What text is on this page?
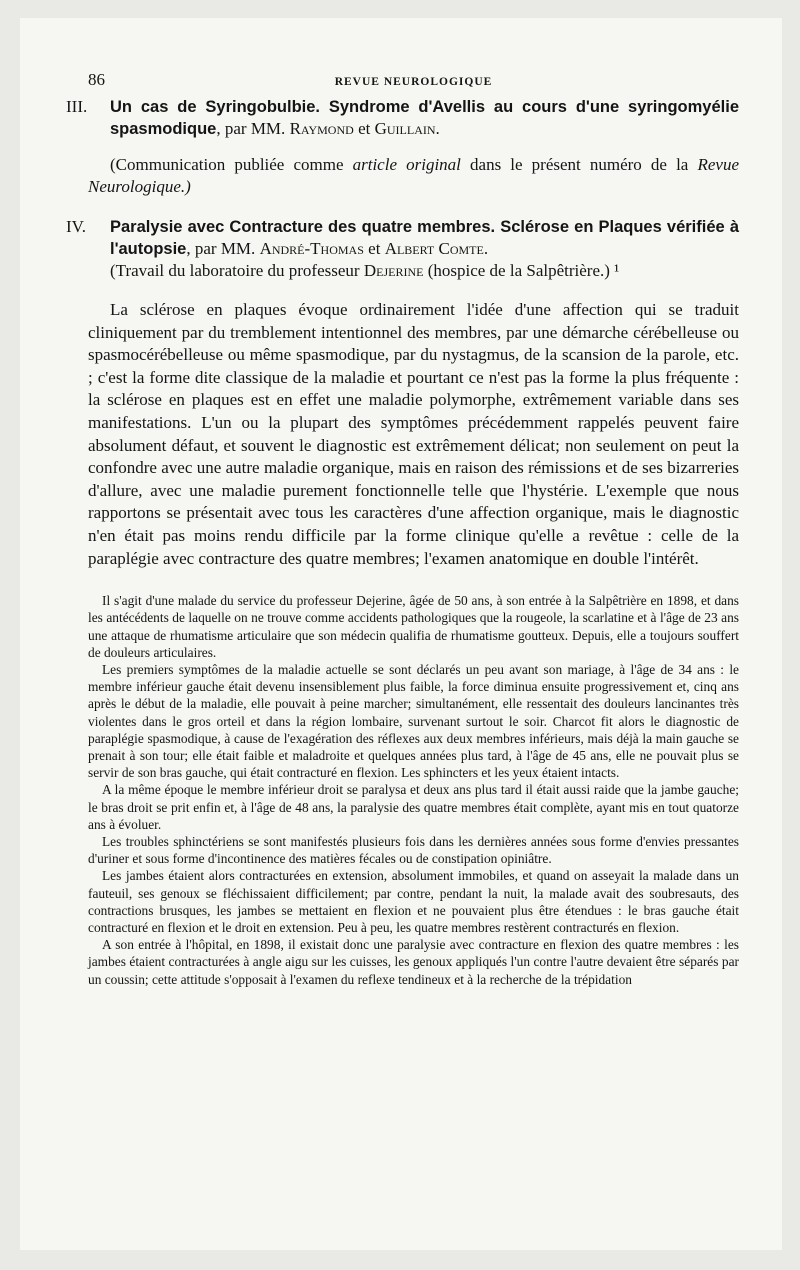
86	REVUE NEUROLOGIQUE
III. Un cas de Syringobulbie. Syndrome d'Avellis au cours d'une syringomyélie spasmodique, par MM. Raymond et Guillain.
(Communication publiée comme article original dans le présent numéro de la Revue Neurologique.)
IV. Paralysie avec Contracture des quatre membres. Sclérose en Plaques vérifiée à l'autopsie, par MM. André-Thomas et Albert Comte.
(Travail du laboratoire du professeur Dejerine (hospice de la Salpêtrière.) ¹

La sclérose en plaques évoque ordinairement l'idée d'une affection qui se traduit cliniquement par du tremblement intentionnel des membres, par une démarche cérébelleuse ou spasmocérébelleuse ou même spasmodique, par du nystagmus, de la scansion de la parole, etc. ; c'est la forme dite classique de la maladie et pourtant ce n'est pas la forme la plus fréquente : la sclérose en plaques est en effet une maladie polymorphe, extrêmement variable dans ses manifestations. L'un ou la plupart des symptômes précédemment rappelés peuvent faire absolument défaut, et souvent le diagnostic est extrêmement délicat; non seulement on peut la confondre avec une autre maladie organique, mais en raison des rémissions et de ses bizarreries d'allure, avec une maladie purement fonctionnelle telle que l'hystérie. L'exemple que nous rapportons se présentait avec tous les caractères d'une affection organique, mais le diagnostic n'en était pas moins rendu difficile par la forme clinique qu'elle a revêtue : celle de la paraplégie avec contracture des quatre membres; l'examen anatomique en double l'intérêt.

Il s'agit d'une malade du service du professeur Dejerine, âgée de 50 ans, à son entrée à la Salpêtrière en 1898, et dans les antécédents de laquelle on ne trouve comme accidents pathologiques que la rougeole, la scarlatine et à l'âge de 23 ans une attaque de rhumatisme articulaire que son médecin qualifia de rhumatisme goutteux. Depuis, elle a toujours souffert de douleurs articulaires.

Les premiers symptômes de la maladie actuelle se sont déclarés un peu avant son mariage, à l'âge de 34 ans : le membre inférieur gauche était devenu insensiblement plus faible, la force diminua ensuite progressivement et, cinq ans après le début de la maladie, elle pouvait à peine marcher; simultanément, elle ressentait des douleurs lancinantes très violentes dans le gros orteil et dans la région lombaire, survenant surtout le soir. Charcot fit alors le diagnostic de paraplégie spasmodique, à cause de l'exagération des réflexes aux deux membres inférieurs, mais déjà la main gauche se prenait à son tour; elle était faible et maladroite et quelques années plus tard, à l'âge de 45 ans, elle ne pouvait plus se servir de son bras gauche, qui était contracturé en flexion. Les sphincters et les yeux étaient intacts.

A la même époque le membre inférieur droit se paralysa et deux ans plus tard il était aussi raide que la jambe gauche; le bras droit se prit enfin et, à l'âge de 48 ans, la paralysie des quatre membres était complète, ayant mis en tout quatorze ans à évoluer.

Les troubles sphinctériens se sont manifestés plusieurs fois dans les dernières années sous forme d'envies pressantes d'uriner et sous forme d'incontinence des matières fécales ou de constipation opiniâtre.

Les jambes étaient alors contracturées en extension, absolument immobiles, et quand on asseyait la malade dans un fauteuil, ses genoux se fléchissaient difficilement; par contre, pendant la nuit, la malade avait des soubresauts, des contractions brusques, les jambes se mettaient en flexion et ne pouvaient plus être étendues : le bras gauche était contracturé en flexion et le droit en extension. Peu à peu, les quatre membres restèrent contracturés en flexion.

A son entrée à l'hôpital, en 1898, il existait donc une paralysie avec contracture en flexion des quatre membres : les jambes étaient contracturées à angle aigu sur les cuisses, les genoux appliqués l'un contre l'autre devaient être séparés par un coussin; cette attitude s'opposait à l'examen du reflexe tendineux et à la recherche de la trépidation
